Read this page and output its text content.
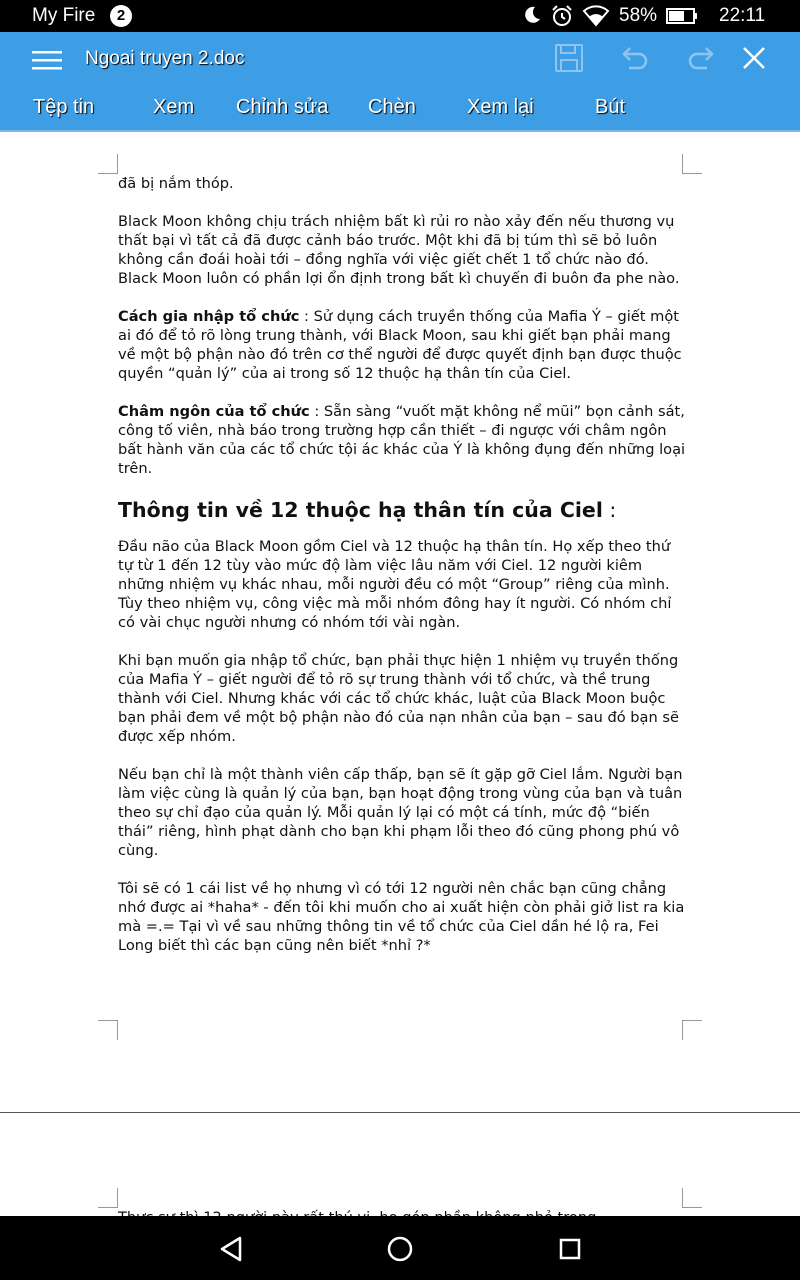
My Fire	2	58%	22:11
Ngoai truyen 2.doc
Tệp tin	Xem Chỉnh sửa Chèn	Xem lại	Bút

đã bị nắm thóp.

Black Moon không chịu trách nhiệm bất kì rủi ro nào xảy đến nếu thương vụ thất bại vì tất cả đã được cảnh báo trước. Một khi đã bị túm thì sẽ bỏ luôn không cần đoái hoài tới – đồng nghĩa với việc giết chết 1 tổ chức nào đó. Black Moon luôn có phần lợi ổn định trong bất kì chuyến đi buôn đa phe nào.

Cách gia nhập tổ chức : Sử dụng cách truyền thống của Mafia Ý – giết một ai đó để tỏ rõ lòng trung thành, với Black Moon, sau khi giết bạn phải mang về một bộ phận nào đó trên cơ thể người để được quyết định bạn được thuộc quyền “quản lý” của ai trong số 12 thuộc hạ thân tín của Ciel.

Châm ngôn của tổ chức : Sẵn sàng “vuốt mặt không nể mũi” bọn cảnh sát, công tố viên, nhà báo trong trường hợp cần thiết – đi ngược với châm ngôn bất hành văn của các tổ chức tội ác khác của Ý là không đụng đến những loại trên.

Thông tin về 12 thuộc hạ thân tín của Ciel :

Đầu não của Black Moon gồm Ciel và 12 thuộc hạ thân tín. Họ xếp theo thứ tự từ 1 đến 12 tùy vào mức độ làm việc lâu năm với Ciel. 12 người kiêm những nhiệm vụ khác nhau, mỗi người đều có một “Group” riêng của mình. Tùy theo nhiệm vụ, công việc mà mỗi nhóm đông hay ít người. Có nhóm chỉ có vài chục người nhưng có nhóm tới vài ngàn.

Khi bạn muốn gia nhập tổ chức, bạn phải thực hiện 1 nhiệm vụ truyền thống của Mafia Ý – giết người để tỏ rõ sự trung thành với tổ chức, và thề trung thành với Ciel. Nhưng khác với các tổ chức khác, luật của Black Moon buộc bạn phải đem về một bộ phận nào đó của nạn nhân của bạn – sau đó bạn sẽ được xếp nhóm.

Nếu bạn chỉ là một thành viên cấp thấp, bạn sẽ ít gặp gỡ Ciel lắm. Người bạn làm việc cùng là quản lý của bạn, bạn hoạt động trong vùng của bạn và tuân theo sự chỉ đạo của quản lý. Mỗi quản lý lại có một cá tính, mức độ “biến thái” riêng, hình phạt dành cho bạn khi phạm lỗi theo đó cũng phong phú vô cùng.

Tôi sẽ có 1 cái list về họ nhưng vì có tới 12 người nên chắc bạn cũng chẳng nhớ được ai *haha* - đến tôi khi muốn cho ai xuất hiện còn phải giở list ra kia mà =.= Tại vì về sau những thông tin về tổ chức của Ciel dần hé lộ ra, Fei Long biết thì các bạn cũng nên biết *nhỉ ?*
